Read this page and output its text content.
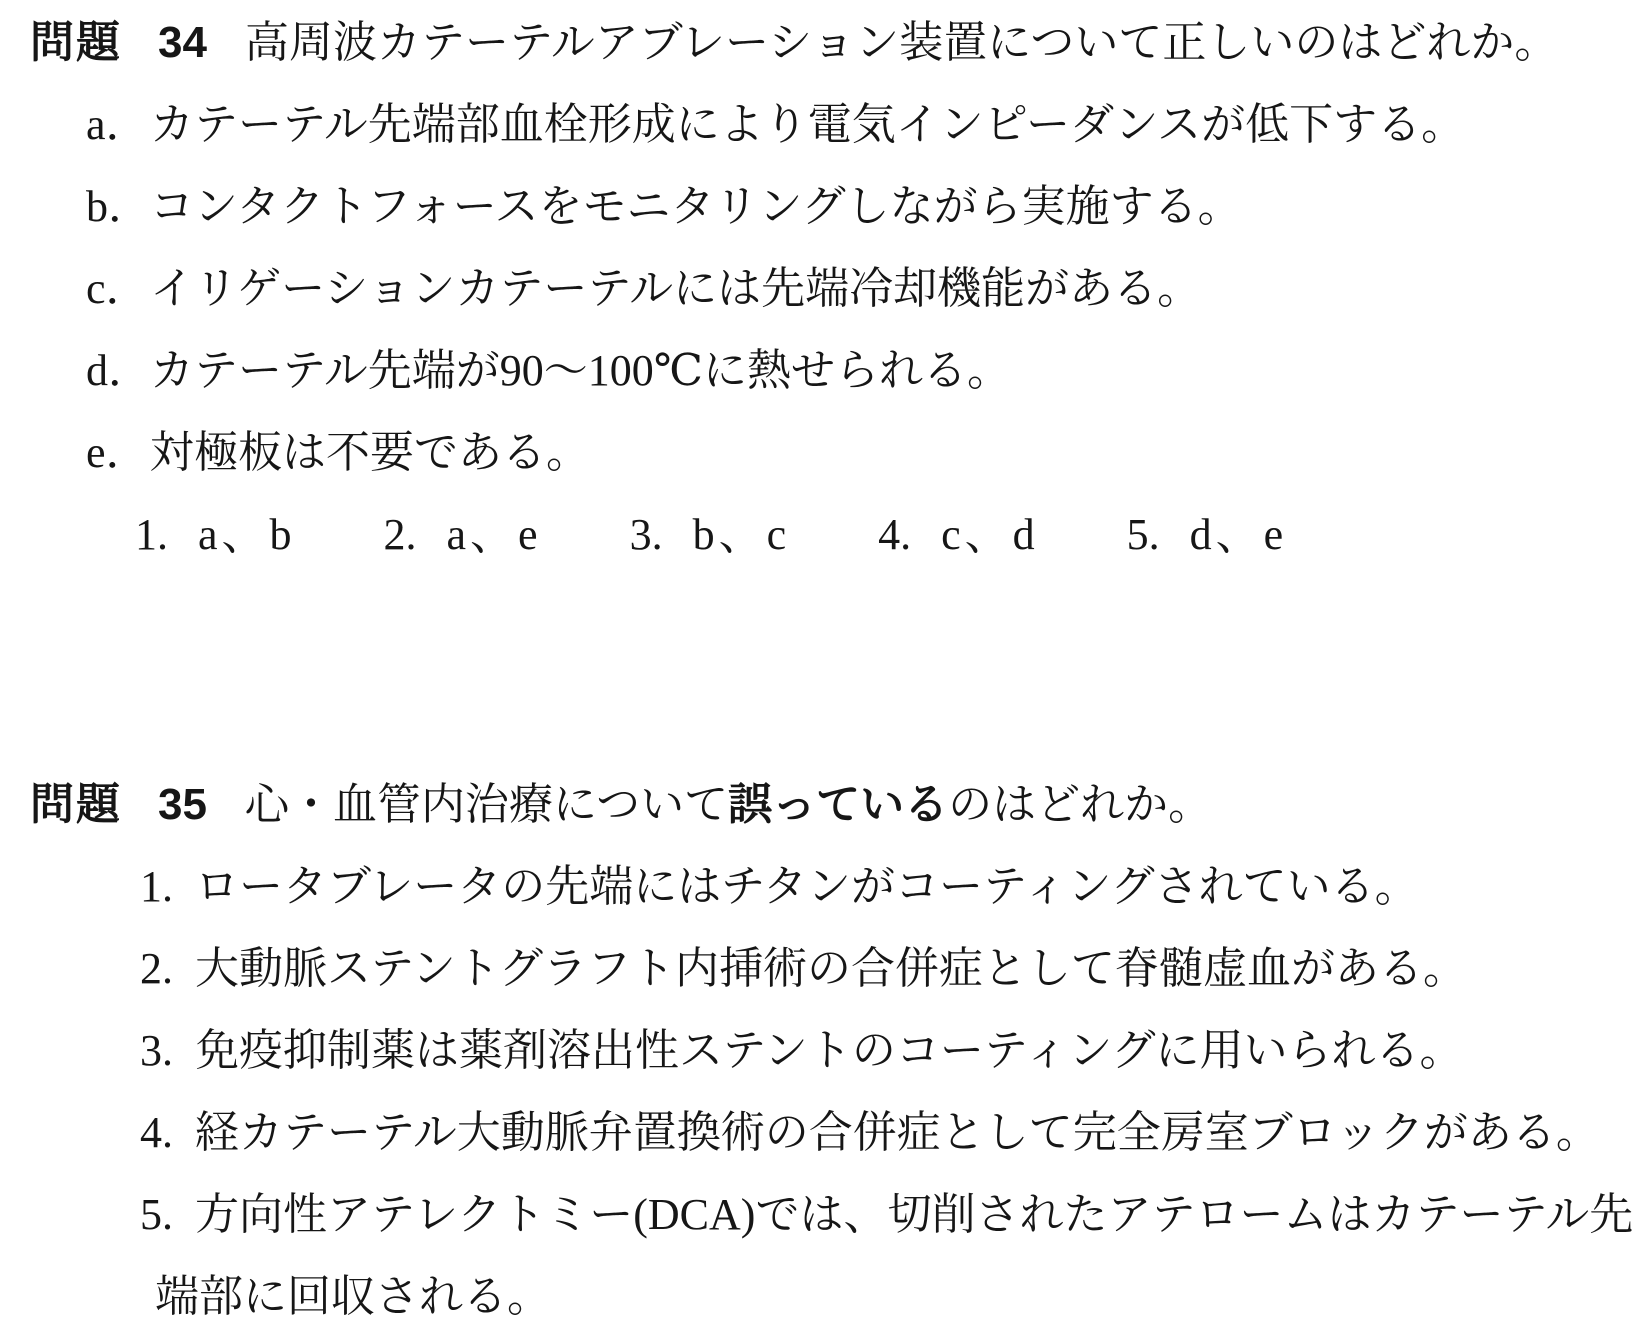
問題 34 高周波カテーテルアブレーション装置について正しいのはどれか。
a．カテーテル先端部血栓形成により電気インピーダンスが低下する。
b．コンタクトフォースをモニタリングしながら実施する。
c．イリゲーションカテーテルには先端冷却機能がある。
d．カテーテル先端が90～100℃に熱せられる。
e．対極板は不要である。
1. a、b 2. a、e 3. b、c 4. c、d 5. d、e
問題 35 心・血管内治療について誤っているのはどれか。
1. ロータブレータの先端にはチタンがコーティングされている。
2. 大動脈ステントグラフト内挿術の合併症として脊髄虚血がある。
3. 免疫抑制薬は薬剤溶出性ステントのコーティングに用いられる。
4. 経カテーテル大動脈弁置換術の合併症として完全房室ブロックがある。
5. 方向性アテレクトミー(DCA)では、切削されたアテロームはカテーテル先
端部に回収される。
